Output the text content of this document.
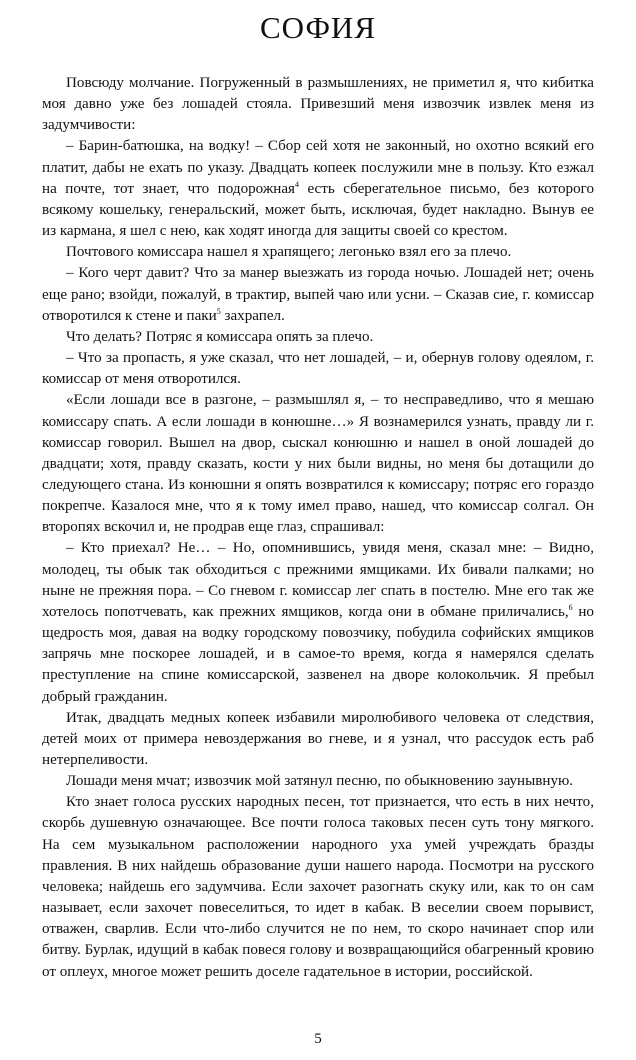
СОФИЯ

Повсюду молчание. Погруженный в размышлениях, не приметил я, что кибитка моя давно уже без лошадей стояла. Привезший меня извозчик извлек меня из задумчивости:

– Барин-батюшка, на водку! – Сбор сей хотя не законный, но охотно всякий его платит, дабы не ехать по указу. Двадцать копеек послужили мне в пользу. Кто езжал на почте, тот знает, что подорожная$^4$ есть сберегательное письмо, без которого всякому кошельку, генеральский, может быть, исключая, будет накладно. Вынув ее из кармана, я шел с нею, как ходят иногда для защиты своей со крестом.

Почтового комиссара нашел я храпящего; легонько взял его за плечо.

– Кого черт давит? Что за манер выезжать из города ночью. Лошадей нет; очень еще рано; взойди, пожалуй, в трактир, выпей чаю или усни. – Сказав сие, г. комиссар отворотился к стене и паки$^5$ захрапел.

Что делать? Потряс я комиссара опять за плечо.

– Что за пропасть, я уже сказал, что нет лошадей, – и, обернув голову одеялом, г. комиссар от меня отворотился.

«Если лошади все в разгоне, – размышлял я, – то несправедливо, что я мешаю комиссару спать. А если лошади в конюшне…» Я вознамерился узнать, правду ли г. комиссар говорил. Вышел на двор, сыскал конюшню и нашел в оной лошадей до двадцати; хотя, правду сказать, кости у них были видны, но меня бы дотащили до следующего стана. Из конюшни я опять возвратился к комиссару; потряс его гораздо покрепче. Казалося мне, что я к тому имел право, нашед, что комиссар солгал. Он второпях вскочил и, не продрав еще глаз, спрашивал:

– Кто приехал? Не… – Но, опомнившись, увидя меня, сказал мне: – Видно, молодец, ты обык так обходиться с прежними ямщиками. Их бивали палками; но ныне не прежняя пора. – Со гневом г. комиссар лег спать в постелю. Мне его так же хотелось попотчевать, как прежних ямщиков, когда они в обмане приличались,$^6$ но щедрость моя, давая на водку городскому повозчику, побудила софийских ямщиков запрячь мне поскорее лошадей, и в самое-то время, когда я намерялся сделать преступление на спине комиссарской, зазвенел на дворе колокольчик. Я пребыл добрый гражданин.

Итак, двадцать медных копеек избавили миролюбивого человека от следствия, детей моих от примера невоздержания во гневе, и я узнал, что рассудок есть раб нетерпеливости.

Лошади меня мчат; извозчик мой затянул песню, по обыкновению заунывную.

Кто знает голоса русских народных песен, тот признается, что есть в них нечто, скорбь душевную означающее. Все почти голоса таковых песен суть тону мягкого. На сем музыкальном расположении народного уха умей учреждать бразды правления. В них найдешь образование души нашего народа. Посмотри на русского человека; найдешь его задумчива. Если захочет разогнать скуку или, как то он сам называет, если захочет повеселиться, то идет в кабак. В веселии своем порывист, отважен, сварлив. Если что-либо случится не по нем, то скоро начинает спор или битву. Бурлак, идущий в кабак повеся голову и возвращающийся обагренный кровию от оплеух, многое может решить доселе гадательное в истории, российской.

5
